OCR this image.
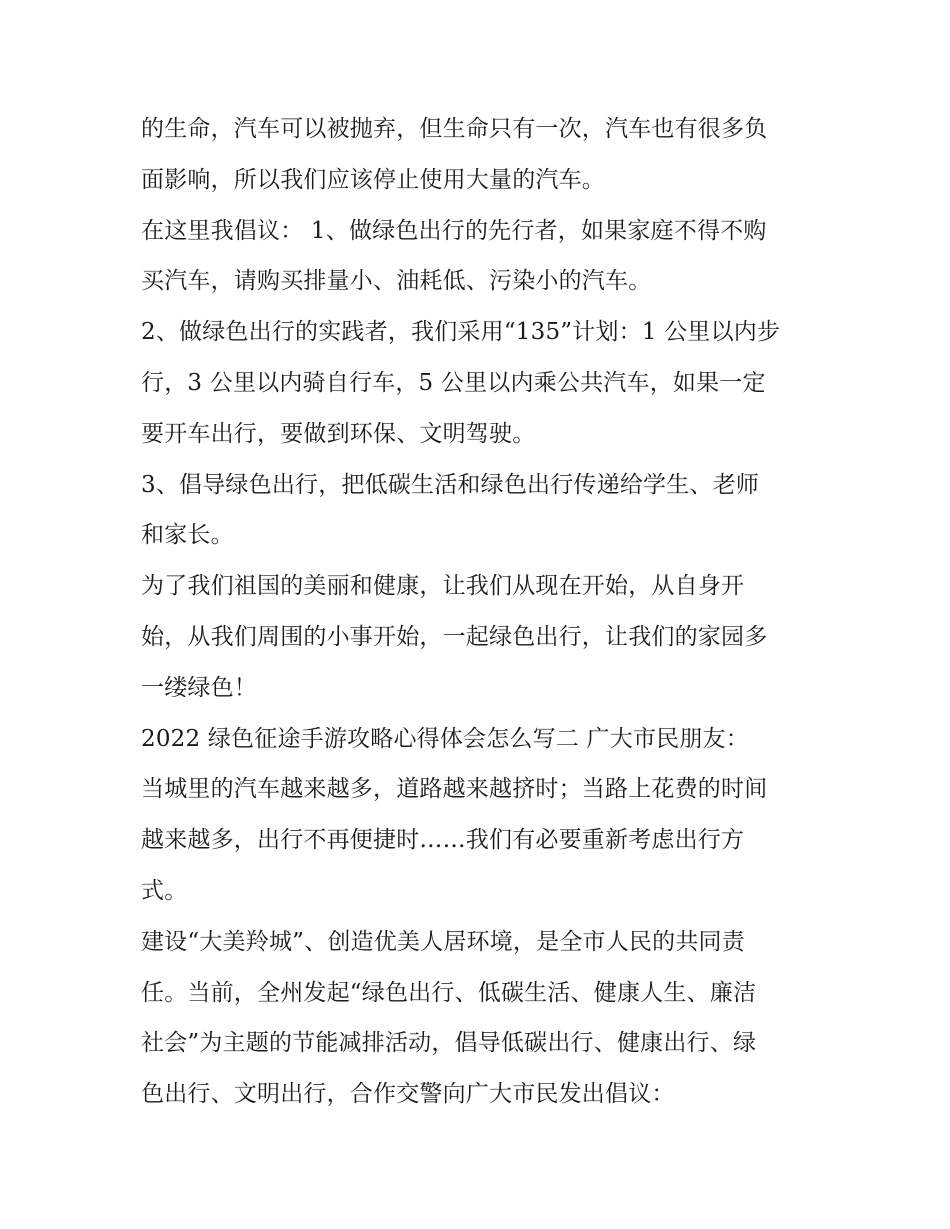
的生命，汽车可以被抛弃，但生命只有一次，汽车也有很多负
面影响，所以我们应该停止使用大量的汽车。
在这里我倡议： 1、做绿色出行的先行者，如果家庭不得不购
买汽车，请购买排量小、油耗低、污染小的汽车。
2、做绿色出行的实践者，我们采用“135”计划：1 公里以内步
行，3 公里以内骑自行车，5 公里以内乘公共汽车，如果一定
要开车出行，要做到环保、文明驾驶。
3、倡导绿色出行，把低碳生活和绿色出行传递给学生、老师
和家长。
为了我们祖国的美丽和健康，让我们从现在开始，从自身开
始，从我们周围的小事开始，一起绿色出行，让我们的家园多
一缕绿色！
2022 绿色征途手游攻略心得体会怎么写二 广大市民朋友：
当城里的汽车越来越多，道路越来越挤时；当路上花费的时间
越来越多，出行不再便捷时……我们有必要重新考虑出行方
式。
建设“大美羚城”、创造优美人居环境，是全市人民的共同责
任。当前，全州发起“绿色出行、低碳生活、健康人生、廉洁
社会”为主题的节能减排活动，倡导低碳出行、健康出行、绿
色出行、文明出行，合作交警向广大市民发出倡议：
